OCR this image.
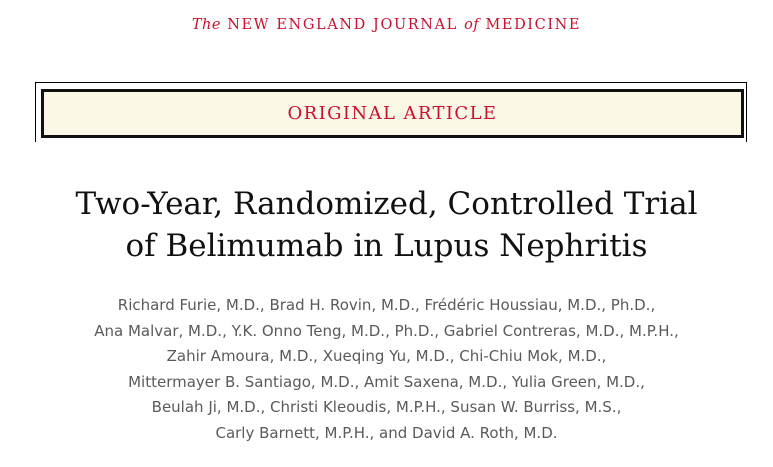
The NEW ENGLAND JOURNAL of MEDICINE
ORIGINAL ARTICLE
Two-Year, Randomized, Controlled Trial
of Belimumab in Lupus Nephritis
Richard Furie, M.D., Brad H. Rovin, M.D., Frédéric Houssiau, M.D., Ph.D.,
Ana Malvar, M.D., Y.K. Onno Teng, M.D., Ph.D., Gabriel Contreras, M.D., M.P.H.,
Zahir Amoura, M.D., Xueqing Yu, M.D., Chi-Chiu Mok, M.D.,
Mittermayer B. Santiago, M.D., Amit Saxena, M.D., Yulia Green, M.D.,
Beulah Ji, M.D., Christi Kleoudis, M.P.H., Susan W. Burriss, M.S.,
Carly Barnett, M.P.H., and David A. Roth, M.D.
